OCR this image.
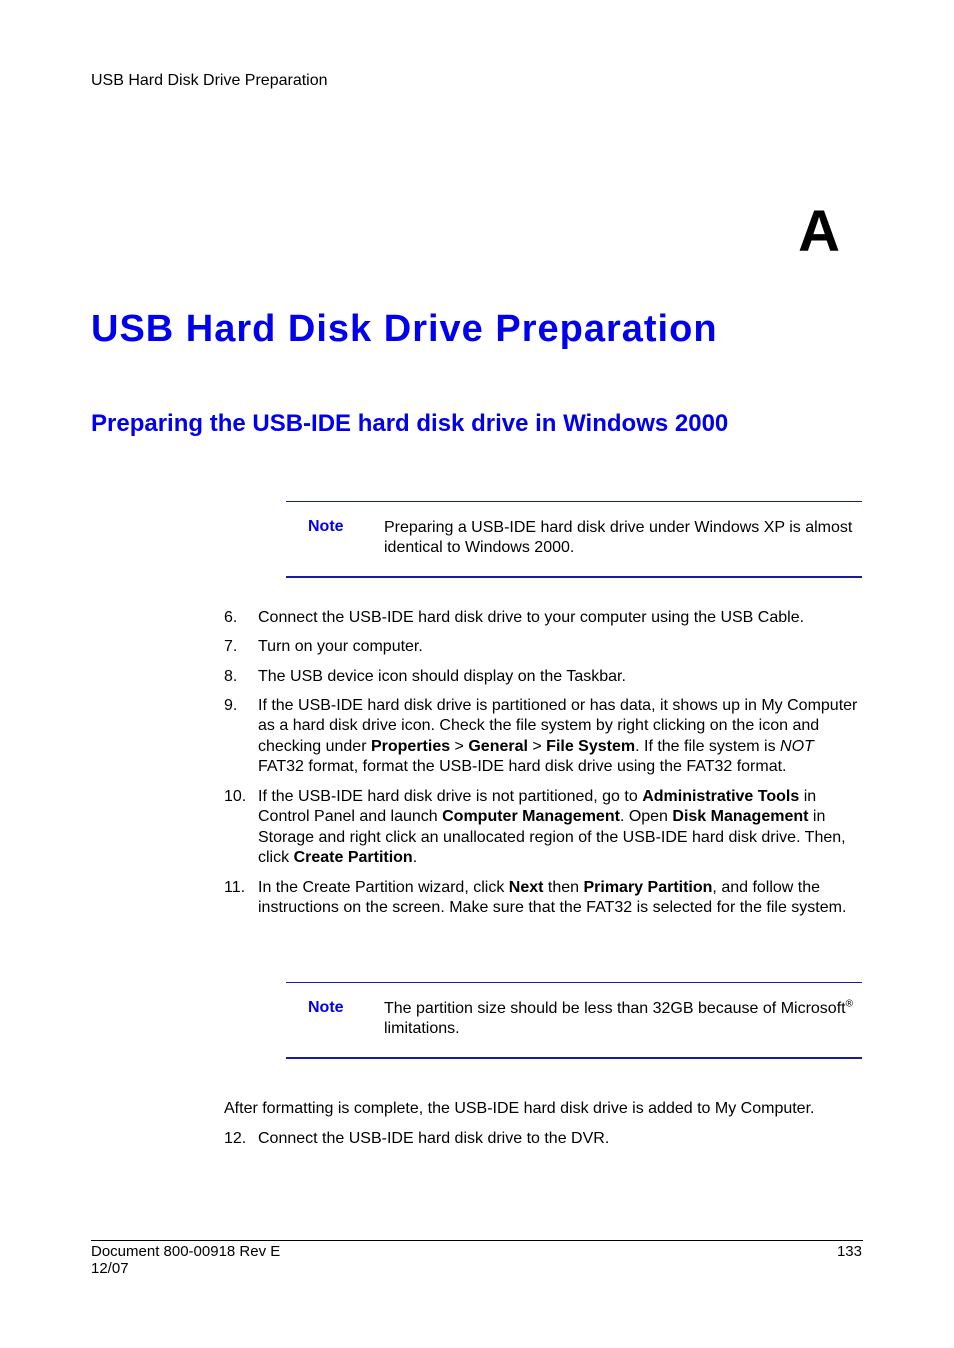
USB Hard Disk Drive Preparation
A
USB Hard Disk Drive Preparation
Preparing the USB-IDE hard disk drive in Windows 2000
Note	Preparing a USB-IDE hard disk drive under Windows XP is almost identical to Windows 2000.
6.	Connect the USB-IDE hard disk drive to your computer using the USB Cable.
7.	Turn on your computer.
8.	The USB device icon should display on the Taskbar.
9.	If the USB-IDE hard disk drive is partitioned or has data, it shows up in My Computer as a hard disk drive icon. Check the file system by right clicking on the icon and checking under Properties > General > File System. If the file system is NOT FAT32 format, format the USB-IDE hard disk drive using the FAT32 format.
10. If the USB-IDE hard disk drive is not partitioned, go to Administrative Tools in Control Panel and launch Computer Management. Open Disk Management in Storage and right click an unallocated region of the USB-IDE hard disk drive. Then, click Create Partition.
11. In the Create Partition wizard, click Next then Primary Partition, and follow the instructions on the screen. Make sure that the FAT32 is selected for the file system.
Note	The partition size should be less than 32GB because of Microsoft® limitations.
After formatting is complete, the USB-IDE hard disk drive is added to My Computer.
12. Connect the USB-IDE hard disk drive to the DVR.
Document 800-00918 Rev E
12/07
133
